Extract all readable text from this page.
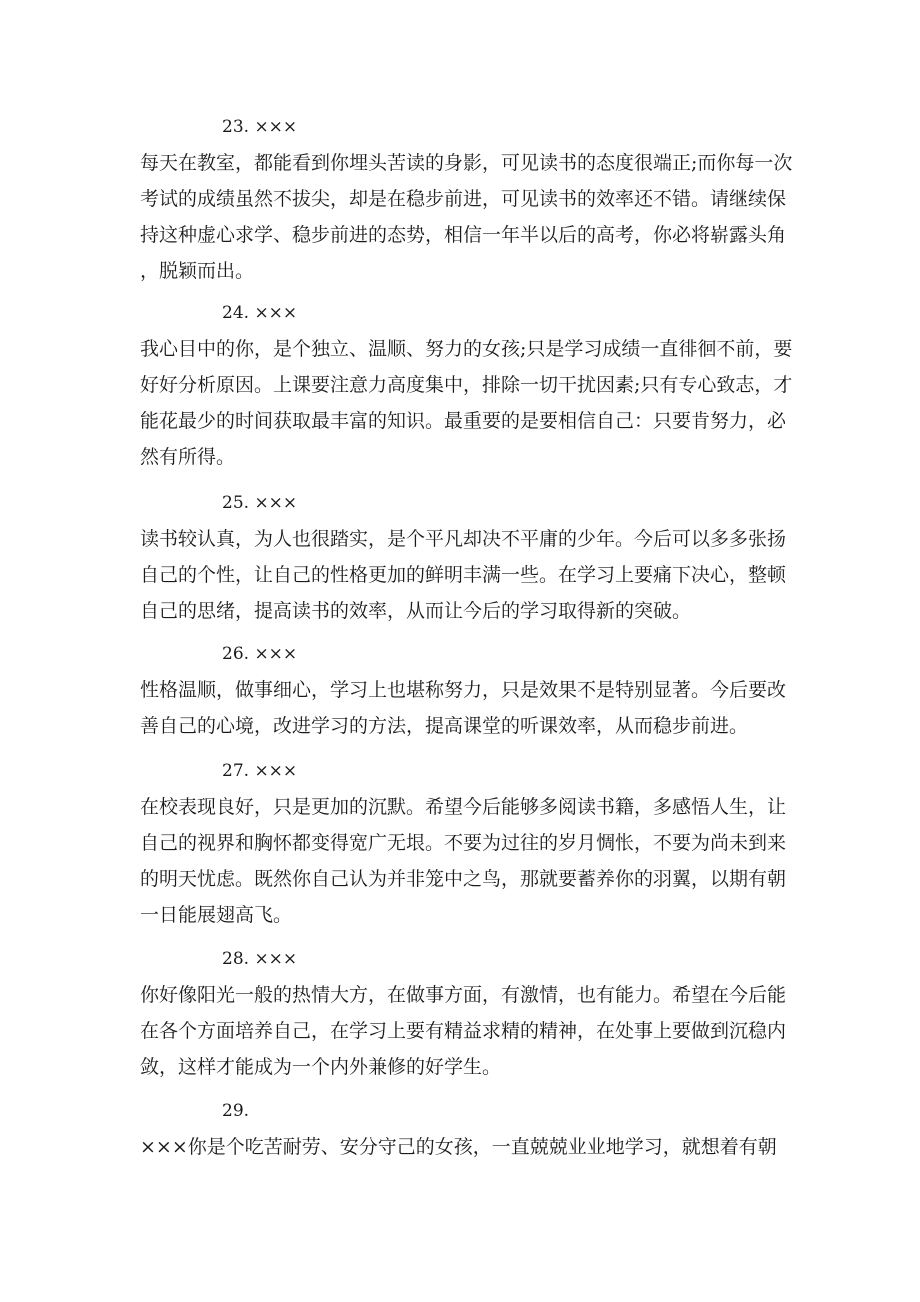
23. ×××
每天在教室，都能看到你埋头苦读的身影，可见读书的态度很端正;而你每一次
考试的成绩虽然不拔尖，却是在稳步前进，可见读书的效率还不错。请继续保
持这种虚心求学、稳步前进的态势，相信一年半以后的高考，你必将崭露头角
，脱颖而出。
24. ×××
我心目中的你，是个独立、温顺、努力的女孩;只是学习成绩一直徘徊不前，要
好好分析原因。上课要注意力高度集中，排除一切干扰因素;只有专心致志，才
能花最少的时间获取最丰富的知识。最重要的是要相信自己：只要肯努力，必
然有所得。
25. ×××
读书较认真，为人也很踏实，是个平凡却决不平庸的少年。今后可以多多张扬
自己的个性，让自己的性格更加的鲜明丰满一些。在学习上要痛下决心，整顿
自己的思绪，提高读书的效率，从而让今后的学习取得新的突破。
26. ×××
性格温顺，做事细心，学习上也堪称努力，只是效果不是特别显著。今后要改
善自己的心境，改进学习的方法，提高课堂的听课效率，从而稳步前进。
27. ×××
在校表现良好，只是更加的沉默。希望今后能够多阅读书籍，多感悟人生，让
自己的视界和胸怀都变得宽广无垠。不要为过往的岁月惆怅，不要为尚未到来
的明天忧虑。既然你自己认为并非笼中之鸟，那就要蓄养你的羽翼，以期有朝
一日能展翅高飞。
28. ×××
你好像阳光一般的热情大方，在做事方面，有激情，也有能力。希望在今后能
在各个方面培养自己，在学习上要有精益求精的精神，在处事上要做到沉稳内
敛，这样才能成为一个内外兼修的好学生。
29.
×××你是个吃苦耐劳、安分守己的女孩，一直兢兢业业地学习，就想着有朝
